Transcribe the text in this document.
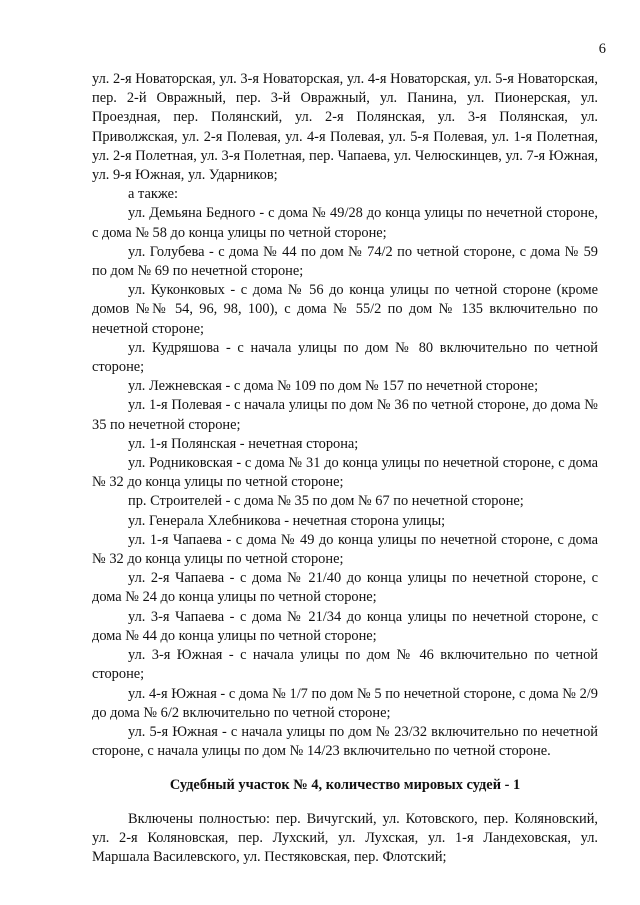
6

ул. 2-я Новаторская, ул. 3-я Новаторская, ул. 4-я Новаторская, ул. 5-я Новаторская, пер. 2-й Овражный, пер. 3-й Овражный, ул. Панина, ул. Пионерская, ул. Проездная, пер. Полянский, ул. 2-я Полянская, ул. 3-я Полянская, ул. Приволжская, ул. 2-я Полевая, ул. 4-я Полевая, ул. 5-я Полевая, ул. 1-я Полетная, ул. 2-я Полетная, ул. 3-я Полетная, пер. Чапаева, ул. Челюскинцев, ул. 7-я Южная, ул. 9-я Южная, ул. Ударников;

а также:

ул. Демьяна Бедного - с дома № 49/28 до конца улицы по нечетной стороне, с дома № 58 до конца улицы по четной стороне;

ул. Голубева - с дома № 44 по дом № 74/2 по четной стороне, с дома № 59 по дом № 69 по нечетной стороне;

ул. Куконковых - с дома № 56 до конца улицы по четной стороне (кроме домов №№ 54, 96, 98, 100), с дома № 55/2 по дом № 135 включительно по нечетной стороне;

ул. Кудряшова - с начала улицы по дом № 80 включительно по четной стороне;

ул. Лежневская - с дома № 109 по дом № 157 по нечетной стороне;

ул. 1-я Полевая - с начала улицы по дом № 36 по четной стороне, до дома № 35 по нечетной стороне;

ул. 1-я Полянская - нечетная сторона;

ул. Родниковская - с дома № 31 до конца улицы по нечетной стороне, с дома № 32 до конца улицы по четной стороне;

пр. Строителей - с дома № 35 по дом № 67 по нечетной стороне;

ул. Генерала Хлебникова - нечетная сторона улицы;

ул. 1-я Чапаева - с дома № 49 до конца улицы по нечетной стороне, с дома № 32 до конца улицы по четной стороне;

ул. 2-я Чапаева - с дома № 21/40 до конца улицы по нечетной стороне, с дома № 24 до конца улицы по четной стороне;

ул. 3-я Чапаева - с дома № 21/34 до конца улицы по нечетной стороне, с дома № 44 до конца улицы по четной стороне;

ул. 3-я Южная - с начала улицы по дом № 46 включительно по четной стороне;

ул. 4-я Южная - с дома № 1/7 по дом № 5 по нечетной стороне, с дома № 2/9 до дома № 6/2 включительно по четной стороне;

ул. 5-я Южная - с начала улицы по дом № 23/32 включительно по нечетной стороне, с начала улицы по дом № 14/23 включительно по четной стороне.

Судебный участок № 4, количество мировых судей - 1

Включены полностью: пер. Вичугский, ул. Котовского, пер. Коляновский, ул. 2-я Коляновская, пер. Лухский, ул. Лухская, ул. 1-я Ландеховская, ул. Маршала Василевского, ул. Пестяковская, пер. Флотский;
